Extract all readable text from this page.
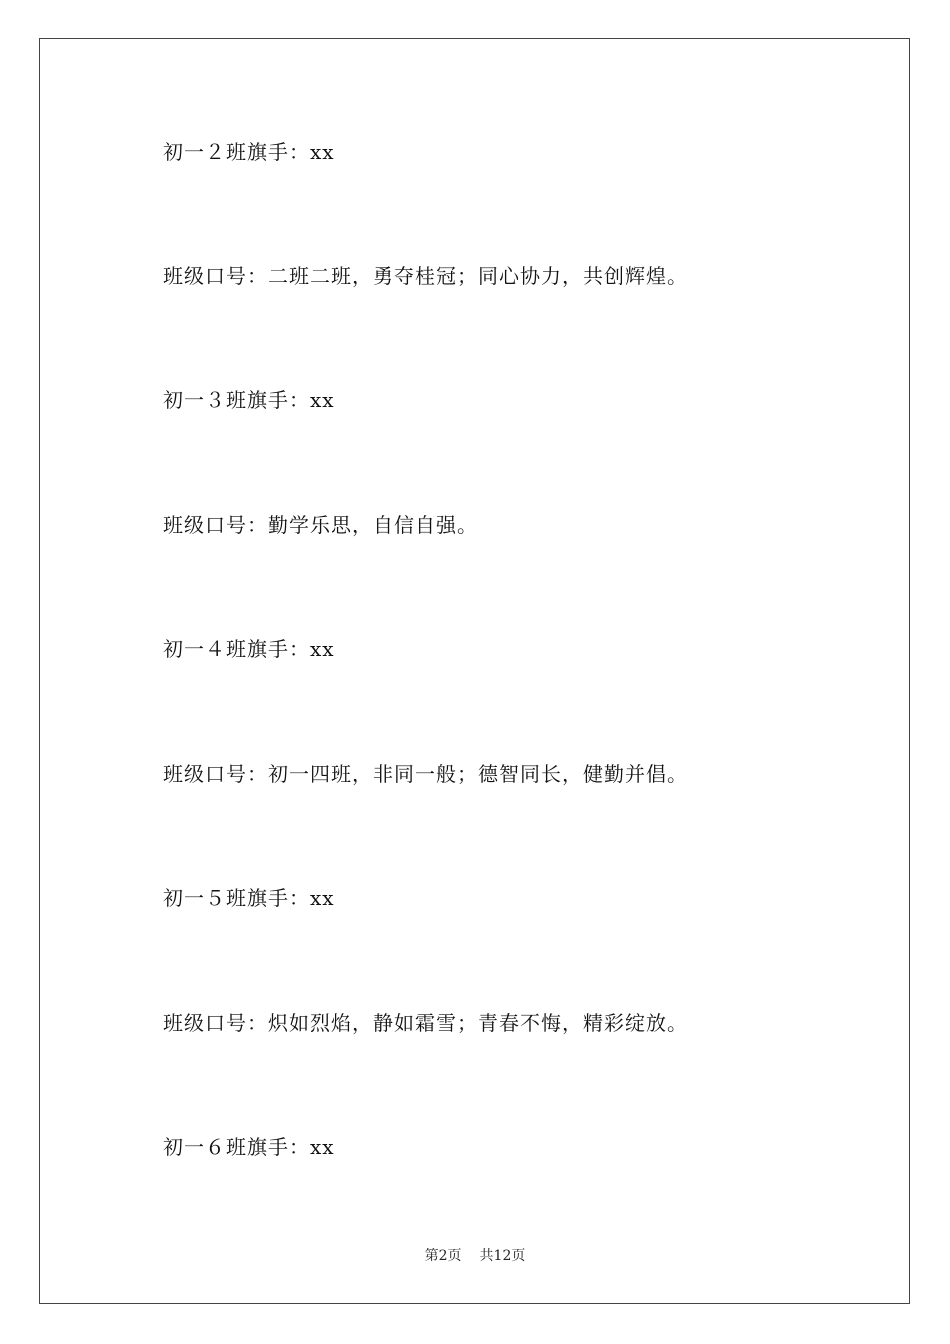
初一２班旗手：xx
班级口号：二班二班，勇夺桂冠；同心协力，共创辉煌。
初一３班旗手：xx
班级口号：勤学乐思，自信自强。
初一４班旗手：xx
班级口号：初一四班，非同一般；德智同长，健勤并倡。
初一５班旗手：xx
班级口号：炽如烈焰，静如霜雪；青春不悔，精彩绽放。
初一６班旗手：xx
第2页 共12页
